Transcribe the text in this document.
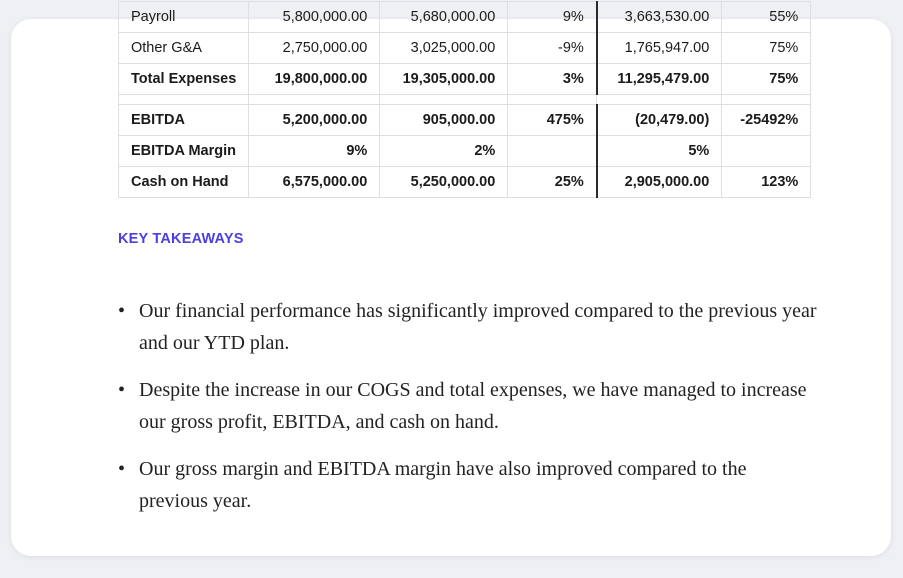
Payroll	5,800,000.00	5,680,000.00	9%	3,663,530.00	55%
Other G&A	2,750,000.00	3,025,000.00	-9%	1,765,947.00	75%
Total Expenses	19,800,000.00	19,305,000.00	3%	11,295,479.00	75%

EBITDA	5,200,000.00	905,000.00	475%	(20,479.00)	-25492%
EBITDA Margin	9%	2%		5%	
Cash on Hand	6,575,000.00	5,250,000.00	25%	2,905,000.00	123%
KEY TAKEAWAYS
• Our financial performance has significantly improved compared to the previous year and our YTD plan.
• Despite the increase in our COGS and total expenses, we have managed to increase our gross profit, EBITDA, and cash on hand.
• Our gross margin and EBITDA margin have also improved compared to the previous year.
